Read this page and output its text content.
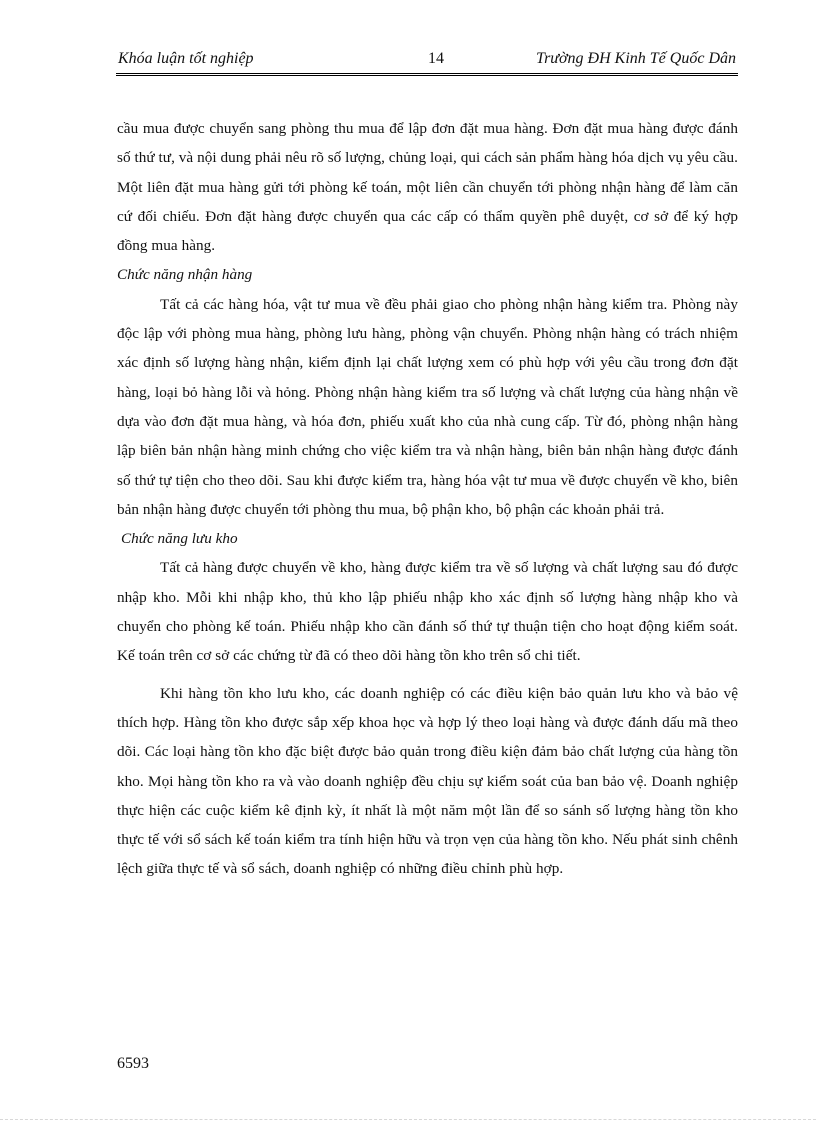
Khóa luận tốt nghiệp	14	Trường ĐH Kinh Tế Quốc Dân

cầu mua được chuyển sang phòng thu mua để lập đơn đặt mua hàng. Đơn đặt mua hàng được đánh số thứ tư, và nội dung phải nêu rõ số lượng, chủng loại, qui cách sản phẩm hàng hóa dịch vụ yêu cầu. Một liên đặt mua hàng gửi tới phòng kế toán, một liên cần chuyển tới phòng nhận hàng để làm căn cứ đối chiếu. Đơn đặt hàng được chuyển qua các cấp có thẩm quyền phê duyệt, cơ sở để ký hợp đồng mua hàng.

Chức năng nhận hàng

Tất cả các hàng hóa, vật tư mua về đều phải giao cho phòng nhận hàng kiểm tra. Phòng này độc lập với phòng mua hàng, phòng lưu hàng, phòng vận chuyển. Phòng nhận hàng có trách nhiệm xác định số lượng hàng nhận, kiểm định lại chất lượng xem có phù hợp với yêu cầu trong đơn đặt hàng, loại bỏ hàng lỗi và hỏng. Phòng nhận hàng kiểm tra số lượng và chất lượng của hàng nhận về dựa vào đơn đặt mua hàng, và hóa đơn, phiếu xuất kho của nhà cung cấp. Từ đó, phòng nhận hàng lập biên bản nhận hàng minh chứng cho việc kiểm tra và nhận hàng, biên bản nhận hàng được đánh số thứ tự tiện cho theo dõi. Sau khi được kiểm tra, hàng hóa vật tư mua về được chuyển về kho, biên bản nhận hàng được chuyển tới phòng thu mua, bộ phận kho, bộ phận các khoản phải trả.

Chức năng lưu kho

Tất cả hàng được chuyển về kho, hàng được kiểm tra về số lượng và chất lượng sau đó được nhập kho. Mỗi khi nhập kho, thủ kho lập phiếu nhập kho xác định số lượng hàng nhập kho và chuyển cho phòng kế toán. Phiếu nhập kho cần đánh số thứ tự thuận tiện cho hoạt động kiểm soát. Kế toán trên cơ sở các chứng từ đã có theo dõi hàng tồn kho trên sổ chi tiết.

Khi hàng tồn kho lưu kho, các doanh nghiệp có các điều kiện bảo quản lưu kho và bảo vệ thích hợp. Hàng tồn kho được sắp xếp khoa học và hợp lý theo loại hàng và được đánh dấu mã theo dõi. Các loại hàng tồn kho đặc biệt được bảo quản trong điều kiện đảm bảo chất lượng của hàng tồn kho. Mọi hàng tồn kho ra và vào doanh nghiệp đều chịu sự kiểm soát của ban bảo vệ. Doanh nghiệp thực hiện các cuộc kiểm kê định kỳ, ít nhất là một năm một lần để so sánh số lượng hàng tồn kho thực tế với sổ sách kế toán kiểm tra tính hiện hữu và trọn vẹn của hàng tồn kho. Nếu phát sinh chênh lệch giữa thực tế và sổ sách, doanh nghiệp có những điều chỉnh phù hợp.

6593
